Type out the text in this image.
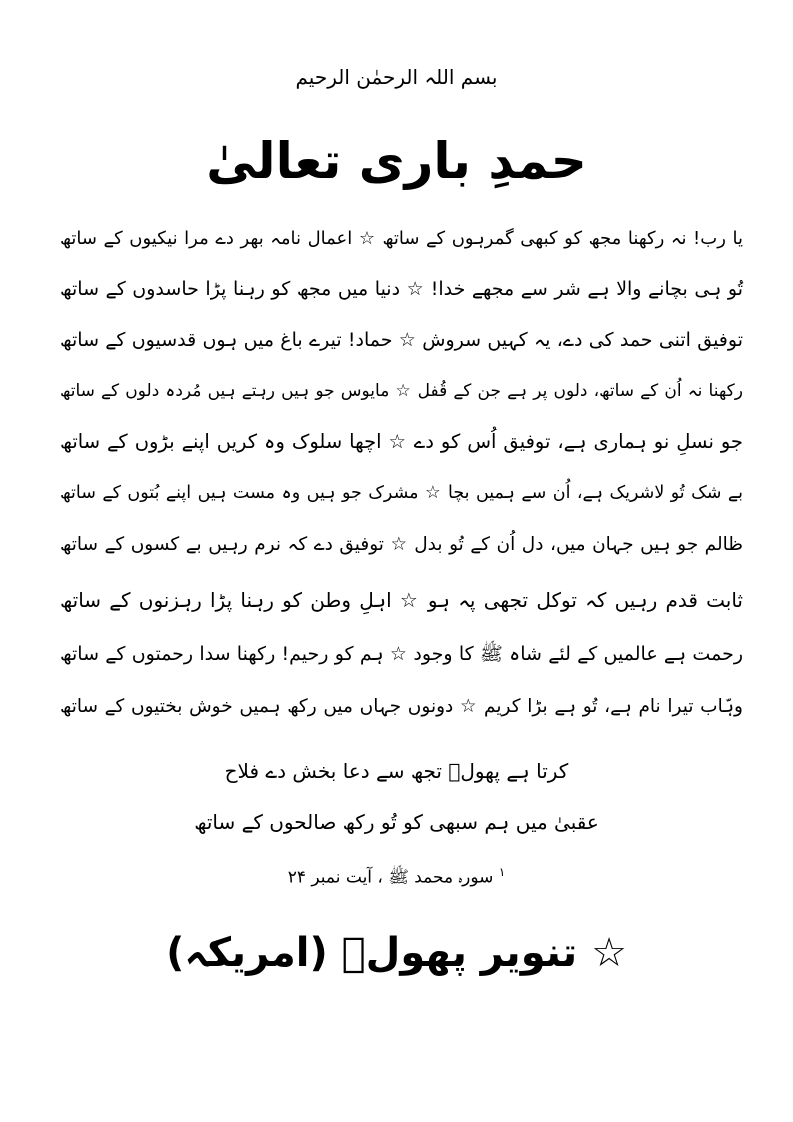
بسم اللہ الرحمٰن الرحیم
حمدِ باری تعالیٰ
یا رب! نہ رکھنا مجھ کو کبھی گمرہوں کے ساتھ ☆ اعمال نامہ بھر دے مرا نیکیوں کے ساتھ
تُو ہی بچانے والا ہے شر سے مجھے خدا! ☆ دنیا میں مجھ کو رہنا پڑا حاسدوں کے ساتھ
توفیق اتنی حمد کی دے، یہ کہیں سروش ☆ حماد! تیرے باغ میں ہوں قدسیوں کے ساتھ
رکھنا نہ اُن کے ساتھ، دلوں پر ہے جن کے قُفل ☆ مایوس جو ہیں رہتے ہیں مُردہ دلوں کے ساتھ
جو نسلِ نو ہماری ہے، توفیق اُس کو دے ☆ اچھا سلوک وہ کریں اپنے بڑوں کے ساتھ
بے شک تُو لاشریک ہے، اُن سے ہمیں بچا ☆ مشرک جو ہیں وہ مست ہیں اپنے بُتوں کے ساتھ
ظالم جو ہیں جہان میں، دل اُن کے تُو بدل ☆ توفیق دے کہ نرم رہیں بے کسوں کے ساتھ
ثابت قدم رہیں کہ توکل تجھی پہ ہو ☆ اہلِ وطن کو رہنا پڑا رہزنوں کے ساتھ
رحمت ہے عالمیں کے لئے شاہ ﷺ کا وجود ☆ ہم کو رحیم! رکھنا سدا رحمتوں کے ساتھ
وہّاب تیرا نام ہے، تُو ہے بڑا کریم ☆ دونوں جہاں میں رکھ ہمیں خوش بختیوں کے ساتھ
کرتا ہے پھولؔ تجھ سے دعا بخش دے فلاح
عقبیٰ میں ہم سبھی کو تُو رکھ صالحوں کے ساتھ
$^۱$ سورہ محمد ﷺ ، آیت نمبر ۲۴
☆ تنویر پھولؔ (امریکہ)
